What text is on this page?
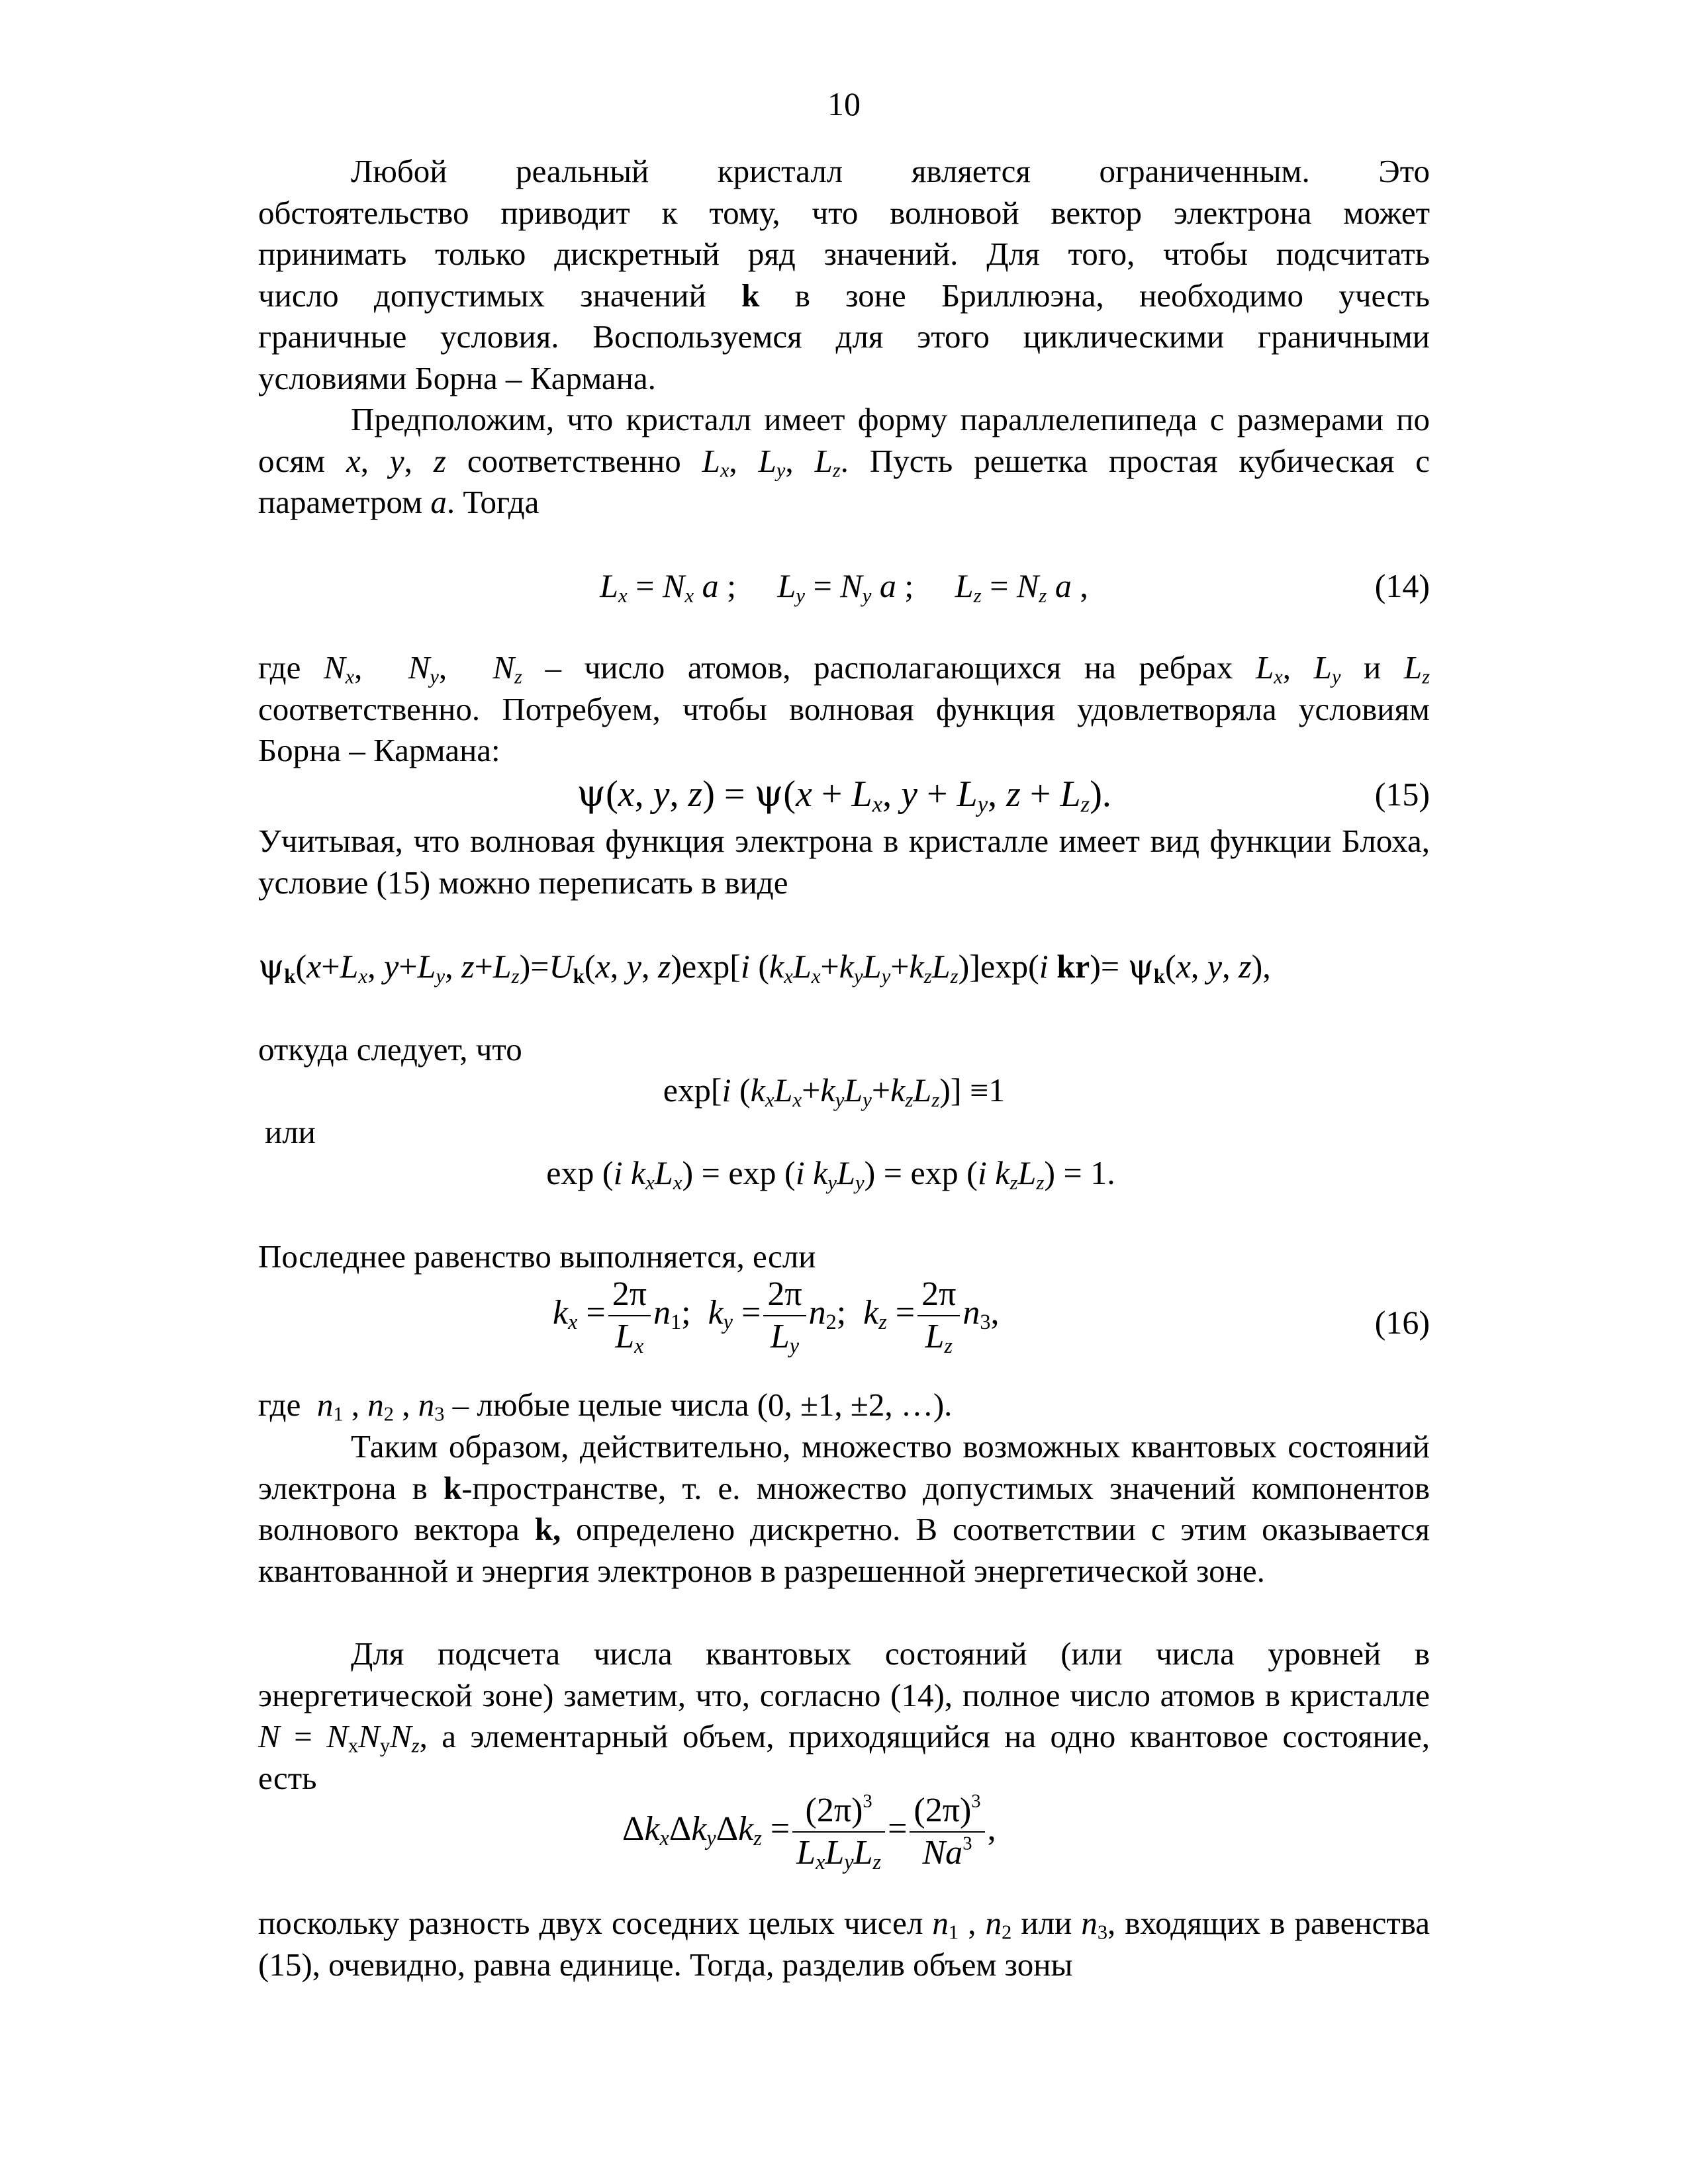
10
Любой реальный кристалл является ограниченным. Это
обстоятельство приводит к тому, что волновой вектор электрона может
принимать только дискретный ряд значений. Для того, чтобы подсчитать
число допустимых значений k в зоне Бриллюэна, необходимо учесть
граничные условия. Воспользуемся для этого циклическими граничными
условиями Борна – Кармана.
Предположим, что кристалл имеет форму параллелепипеда с размерами по осям x, y, z соответственно $L_x$, $L_y$, $L_z$. Пусть решетка простая кубическая с параметром a. Тогда
$L_x = N_x$ a ;     $L_y = N_y$ a ;     $L_z = N_z$ a ,	(14)
где $N_x$,  $N_y$,  $N_z$ – число атомов, располагающихся на ребрах $L_x$, $L_y$ и $L_z$ соответственно. Потребуем, чтобы волновая функция удовлетворяла условиям Борна – Кармана:
ψ(x, y, $z) = \psi(x + L_x$, $y + L_y$, $z + L_z$).	(15)
Учитывая, что волновая функция электрона в кристалле имеет вид функции Блоха, условие (15) можно переписать в виде
$\psi_k(x+L_x$, $y+L_y$, $z+L_z)=U_k(x$, y, z)exp[i $(k_xL_x+k_yL_y+k_zL_z)]\exp(i$ $kr)= \psi_k(x$, y, z),
откуда следует, что
exp[i $(k_xL_x+k_yL_y+k_zL_z)] \equiv 1$
или
exp (i $k_xL_x) = \exp (i$ $k_yL_y) = \exp (i$ $k_zL_z) = 1$.
Последнее равенство выполняется, если
$k_x = \frac{2\pi}{L_x} n_1$;  $k_y = \frac{2\pi}{L_y} n_2$;  $k_z = \frac{2\pi}{L_z} n_3$,	(16)
где  $n_1$ , $n_2$ , $n_3$ – любые целые числа (0, ±1, ±2, …).
Таким образом, действительно, множество возможных квантовых состояний электрона в k-пространстве, т. е. множество допустимых значений компонентов волнового вектора k, определено дискретно. В соответствии с этим оказывается квантованной и энергия электронов в разрешенной энергетической зоне.
Для подсчета числа квантовых состояний (или числа уровней в энергетической зоне) заметим, что, согласно (14), полное число атомов в кристалле $N = N_xN_yN_z$, а элементарный объем, приходящийся на одно квантовое состояние, есть
$\Delta k_x\Delta k_y\Delta k_z = \frac{(2\pi)^3}{L_xL_yL_z} = \frac{(2\pi)^3}{Na^3}$ ,
поскольку разность двух соседних целых чисел $n_1$ , $n_2$ или $n_3$, входящих в равенства (15), очевидно, равна единице. Тогда, разделив объем зоны
